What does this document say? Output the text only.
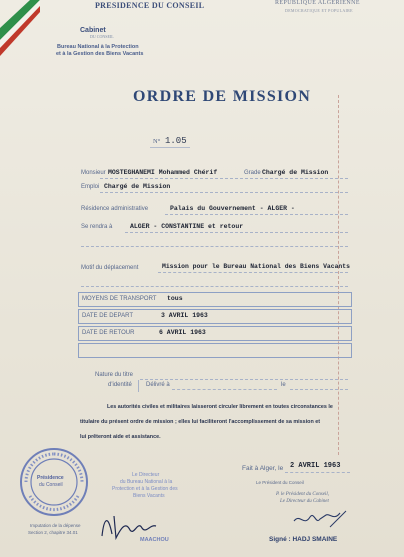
PRESIDENCE DU CONSEIL	REPUBLIQUE ALGERIENNE
DEMOCRATIQUE ET POPULAIRE
Cabinet
DU CONSEIL
Bureau National à la Protection
et à la Gestion des Biens Vacants
ORDRE DE MISSION
N° 1.05
Monsieur MOSTEGHANEMI Mohammed Chérif	Grade Chargé de Mission
Emploi Chargé de Mission
Résidence administrative	Palais du Gouvernement - ALGER -
Se rendra à	ALGER - CONSTANTINE et retour
Motif du déplacement	Mission pour le Bureau National des Biens Vacants
MOYENS DE TRANSPORT tous
DATE DE DEPART	3 AVRIL 1963
DATE DE RETOUR	6 AVRIL 1963
Nature du titre
d'identité Délivré à	le
Les autorités civiles et militaires laisseront circuler librement en toutes circonstances le
titulaire du présent ordre de mission ; elles lui faciliteront l'accomplissement de sa mission et
lui prêteront aide et assistance.
Fait à Alger, le 2 AVRIL 1963
Le Président du Conseil
P. le Président du Conseil,
Le Directeur du Cabinet
Signé : HADJ SMAINE
Présidence
du Conseil
Le Directeur
du Bureau National à la
Protection et à la Gestion des
Biens Vacants
MAACHOU
Imputation de la dépense
Section 2, chapitre 34.01
